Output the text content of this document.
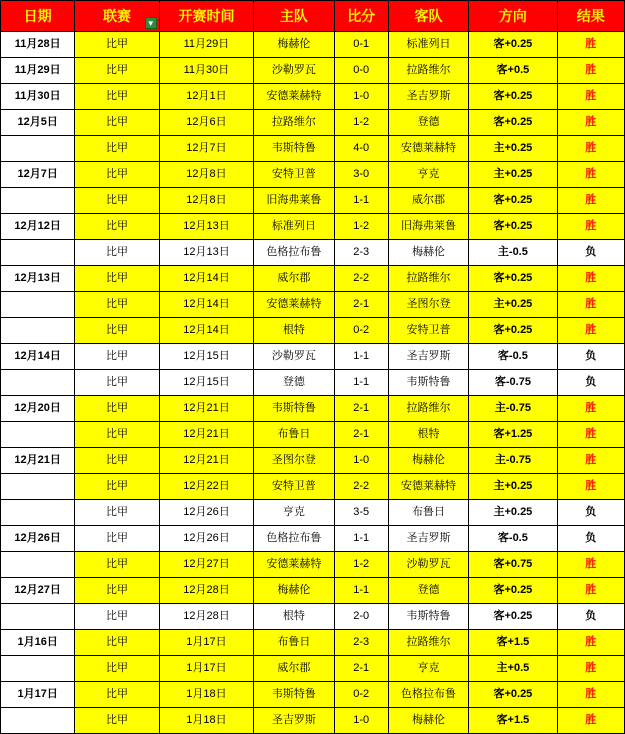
日期	联赛 ▼	开赛时间	主队	比分	客队	方向	结果
11月28日	比甲	11月29日	梅赫伦	0-1	标准列日	客+0.25	胜
11月29日	比甲	11月30日	沙勒罗瓦	0-0	拉路维尔	客+0.5	胜
11月30日	比甲	12月1日	安德莱赫特	1-0	圣吉罗斯	客+0.25	胜
12月5日	比甲	12月6日	拉路维尔	1-2	登德	客+0.25	胜
	比甲	12月7日	韦斯特鲁	4-0	安德莱赫特	主+0.25	胜
12月7日	比甲	12月8日	安特卫普	3-0	亨克	主+0.25	胜
	比甲	12月8日	旧海弗莱鲁	1-1	威尔郡	客+0.25	胜
12月12日	比甲	12月13日	标准列日	1-2	旧海弗莱鲁	客+0.25	胜
	比甲	12月13日	色格拉布鲁	2-3	梅赫伦	主-0.5	负
12月13日	比甲	12月14日	威尔郡	2-2	拉路维尔	客+0.25	胜
	比甲	12月14日	安德莱赫特	2-1	圣图尔登	主+0.25	胜
	比甲	12月14日	根特	0-2	安特卫普	客+0.25	胜
12月14日	比甲	12月15日	沙勒罗瓦	1-1	圣吉罗斯	客-0.5	负
	比甲	12月15日	登德	1-1	韦斯特鲁	客-0.75	负
12月20日	比甲	12月21日	韦斯特鲁	2-1	拉路维尔	主-0.75	胜
	比甲	12月21日	布鲁日	2-1	根特	客+1.25	胜
12月21日	比甲	12月21日	圣图尔登	1-0	梅赫伦	主-0.75	胜
	比甲	12月22日	安特卫普	2-2	安德莱赫特	主+0.25	胜
	比甲	12月26日	亨克	3-5	布鲁日	主+0.25	负
12月26日	比甲	12月26日	色格拉布鲁	1-1	圣吉罗斯	客-0.5	负
	比甲	12月27日	安德莱赫特	1-2	沙勒罗瓦	客+0.75	胜
12月27日	比甲	12月28日	梅赫伦	1-1	登德	客+0.25	胜
	比甲	12月28日	根特	2-0	韦斯特鲁	客+0.25	负
1月16日	比甲	1月17日	布鲁日	2-3	拉路维尔	客+1.5	胜
	比甲	1月17日	威尔郡	2-1	亨克	主+0.5	胜
1月17日	比甲	1月18日	韦斯特鲁	0-2	色格拉布鲁	客+0.25	胜
	比甲	1月18日	圣吉罗斯	1-0	梅赫伦	客+1.5	胜
